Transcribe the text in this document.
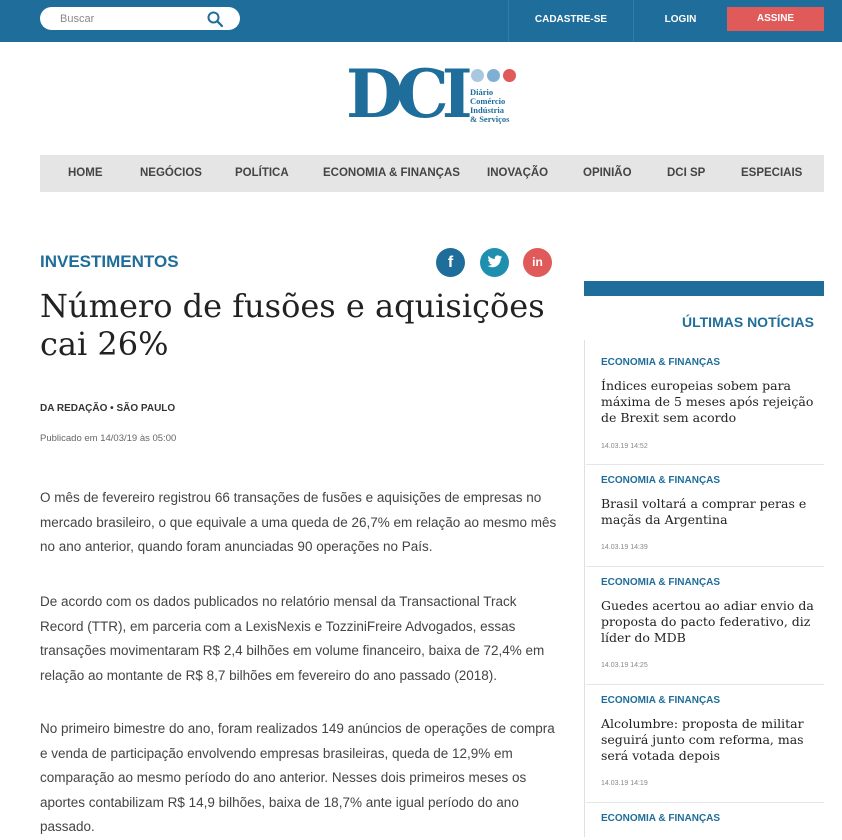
Buscar
CADASTRE-SE	LOGIN	ASSINE
DCI Diário
Comércio
Indústria
& Serviços
HOME	NEGÓCIOS	POLÍTICA	ECONOMIA & FINANÇAS INOVAÇÃO	OPINIÃO	DCI SP	ESPECIAIS
INVESTIMENTOS	f	in
Número de fusões e aquisições cai 26%
DA REDAÇÃO • SÃO PAULO
Publicado em 14/03/19 às 05:00

O mês de fevereiro registrou 66 transações de fusões e aquisições de empresas no mercado brasileiro, o que equivale a uma queda de 26,7% em relação ao mesmo mês no ano anterior, quando foram anunciadas 90 operações no País.

De acordo com os dados publicados no relatório mensal da Transactional Track Record (TTR), em parceria com a LexisNexis e TozziniFreire Advogados, essas transações movimentaram R$ 2,4 bilhões em volume financeiro, baixa de 72,4% em relação ao montante de R$ 8,7 bilhões em fevereiro do ano passado (2018).

No primeiro bimestre do ano, foram realizados 149 anúncios de operações de compra e venda de participação envolvendo empresas brasileiras, queda de 12,9% em comparação ao mesmo período do ano anterior. Nesses dois primeiros meses os aportes contabilizam R$ 14,9 bilhões, baixa de 18,7% ante igual período do ano passado.

ÚLTIMAS NOTÍCIAS
ECONOMIA & FINANÇAS
Índices europeias sobem para máxima de 5 meses após rejeição de Brexit sem acordo
14.03.19 14:52
ECONOMIA & FINANÇAS
Brasil voltará a comprar peras e maçãs da Argentina
14.03.19 14:39
ECONOMIA & FINANÇAS
Guedes acertou ao adiar envio da proposta do pacto federativo, diz líder do MDB
14.03.19 14:25
ECONOMIA & FINANÇAS
Alcolumbre: proposta de militar seguirá junto com reforma, mas será votada depois
14.03.19 14:19
ECONOMIA & FINANÇAS
